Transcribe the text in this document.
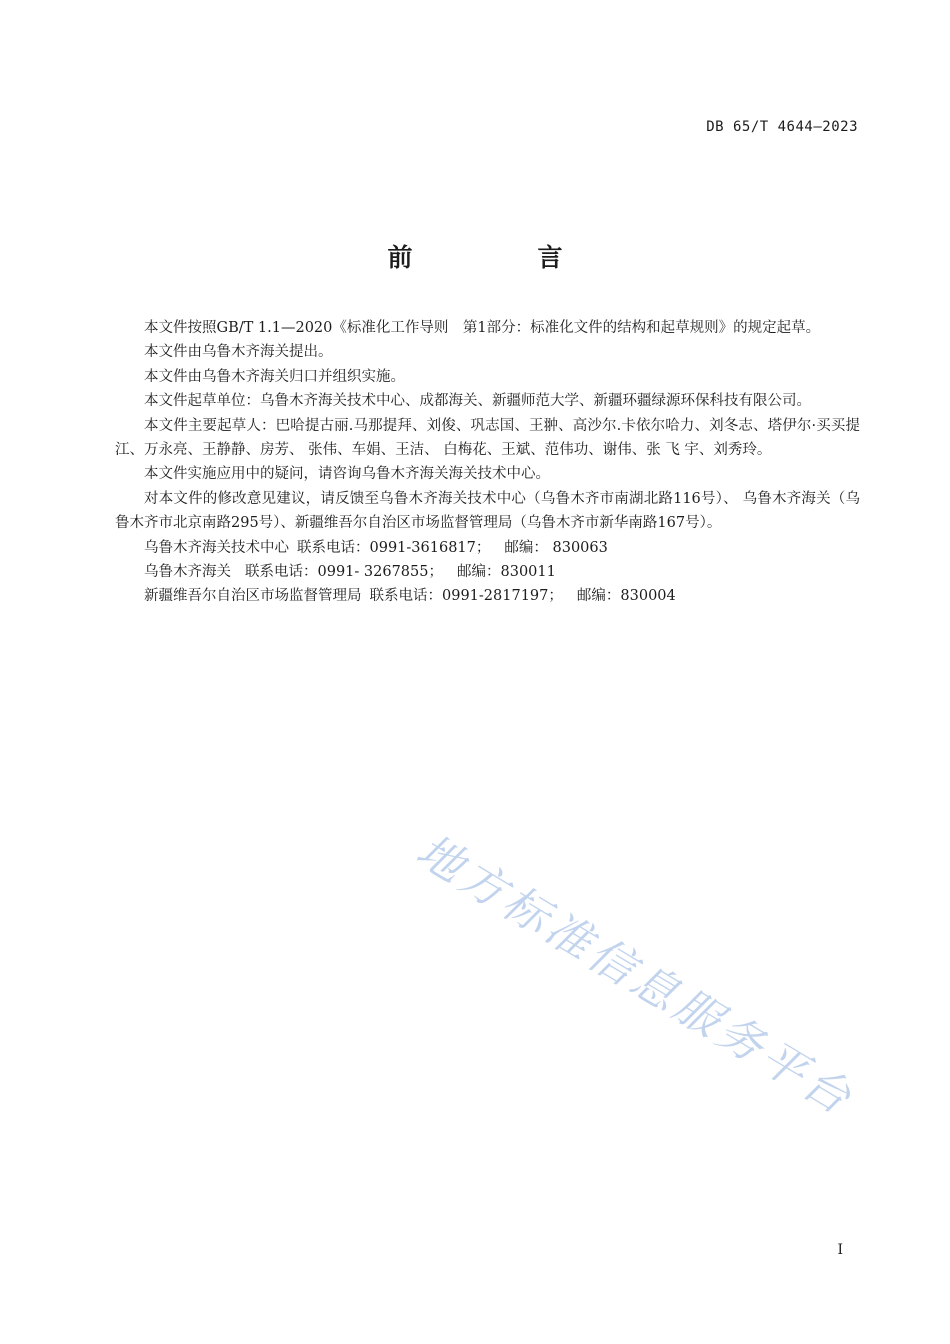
DB 65/T 4644—2023
前　言

本文件按照GB/T 1.1—2020《标准化工作导则　第1部分：标准化文件的结构和起草规则》的规定起草。

本文件由乌鲁木齐海关提出。

本文件由乌鲁木齐海关归口并组织实施。

本文件起草单位：乌鲁木齐海关技术中心、成都海关、新疆师范大学、新疆环疆绿源环保科技有限公司。

本文件主要起草人：巴哈提古丽.马那提拜、刘俊、巩志国、王翀、高沙尔.卡依尔哈力、刘冬志、塔伊尔·买买提江、万永亮、王静静、房芳、 张伟、车娟、王洁、 白梅花、王斌、范伟功、谢伟、张 飞 宇、刘秀玲。

本文件实施应用中的疑问，请咨询乌鲁木齐海关海关技术中心。

对本文件的修改意见建议，请反馈至乌鲁木齐海关技术中心（乌鲁木齐市南湖北路116号）、 乌鲁木齐海关（乌鲁木齐市北京南路295号）、新疆维吾尔自治区市场监督管理局（乌鲁木齐市新华南路167号）。

乌鲁木齐海关技术中心 联系电话：0991-3616817； 邮编： 830063

乌鲁木齐海关 联系电话：0991- 3267855； 邮编：830011

新疆维吾尔自治区市场监督管理局 联系电话：0991-2817197； 邮编：830004

地方标准信息服务平台
I
